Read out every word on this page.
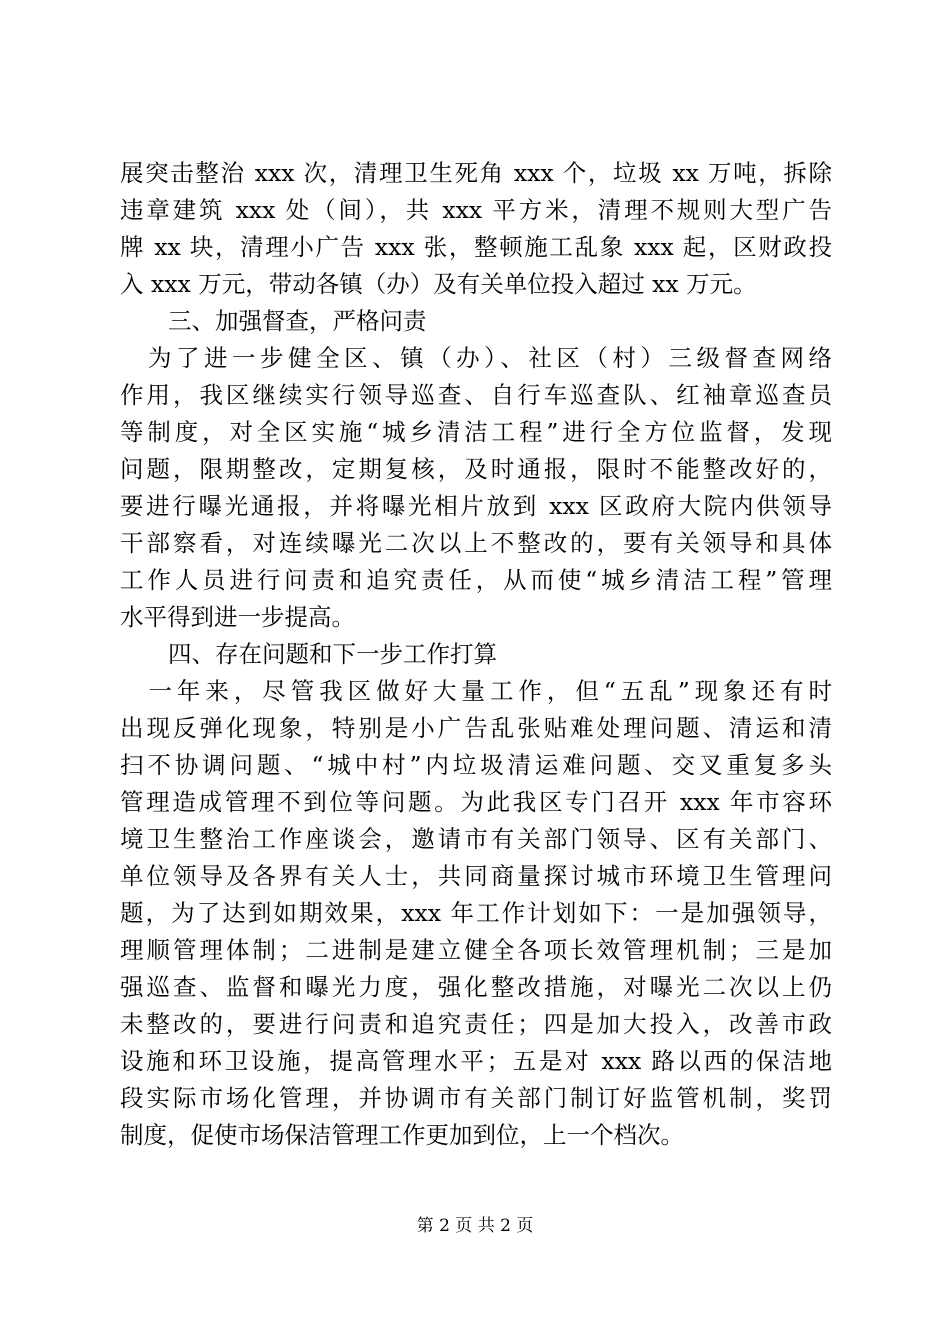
展突击整治 xxx 次，清理卫生死角 xxx 个，垃圾 xx 万吨，拆除
违章建筑 xxx 处（间），共 xxx 平方米，清理不规则大型广告
牌 xx 块，清理小广告 xxx 张，整顿施工乱象 xxx 起，区财政投
入 xxx 万元，带动各镇（办）及有关单位投入超过 xx 万元。
三、加强督查，严格问责
　为了进一步健全区、镇（办）、社区（村）三级督查网络
作用，我区继续实行领导巡查、自行车巡查队、红袖章巡查员
等制度，对全区实施“城乡清洁工程”进行全方位监督，发现
问题，限期整改，定期复核，及时通报，限时不能整改好的，
要进行曝光通报，并将曝光相片放到 xxx 区政府大院内供领导
干部察看，对连续曝光二次以上不整改的，要有关领导和具体
工作人员进行问责和追究责任，从而使“城乡清洁工程”管理
水平得到进一步提高。
四、存在问题和下一步工作打算
　一年来，尽管我区做好大量工作，但“五乱”现象还有时
出现反弹化现象，特别是小广告乱张贴难处理问题、清运和清
扫不协调问题、“城中村”内垃圾清运难问题、交叉重复多头
管理造成管理不到位等问题。为此我区专门召开 xxx 年市容环
境卫生整治工作座谈会，邀请市有关部门领导、区有关部门、
单位领导及各界有关人士，共同商量探讨城市环境卫生管理问
题，为了达到如期效果，xxx 年工作计划如下：一是加强领导，
理顺管理体制；二进制是建立健全各项长效管理机制；三是加
强巡查、监督和曝光力度，强化整改措施，对曝光二次以上仍
未整改的，要进行问责和追究责任；四是加大投入，改善市政
设施和环卫设施，提高管理水平；五是对 xxx 路以西的保洁地
段实际市场化管理，并协调市有关部门制订好监管机制，奖罚
制度，促使市场保洁管理工作更加到位，上一个档次。
第 2 页 共 2 页
